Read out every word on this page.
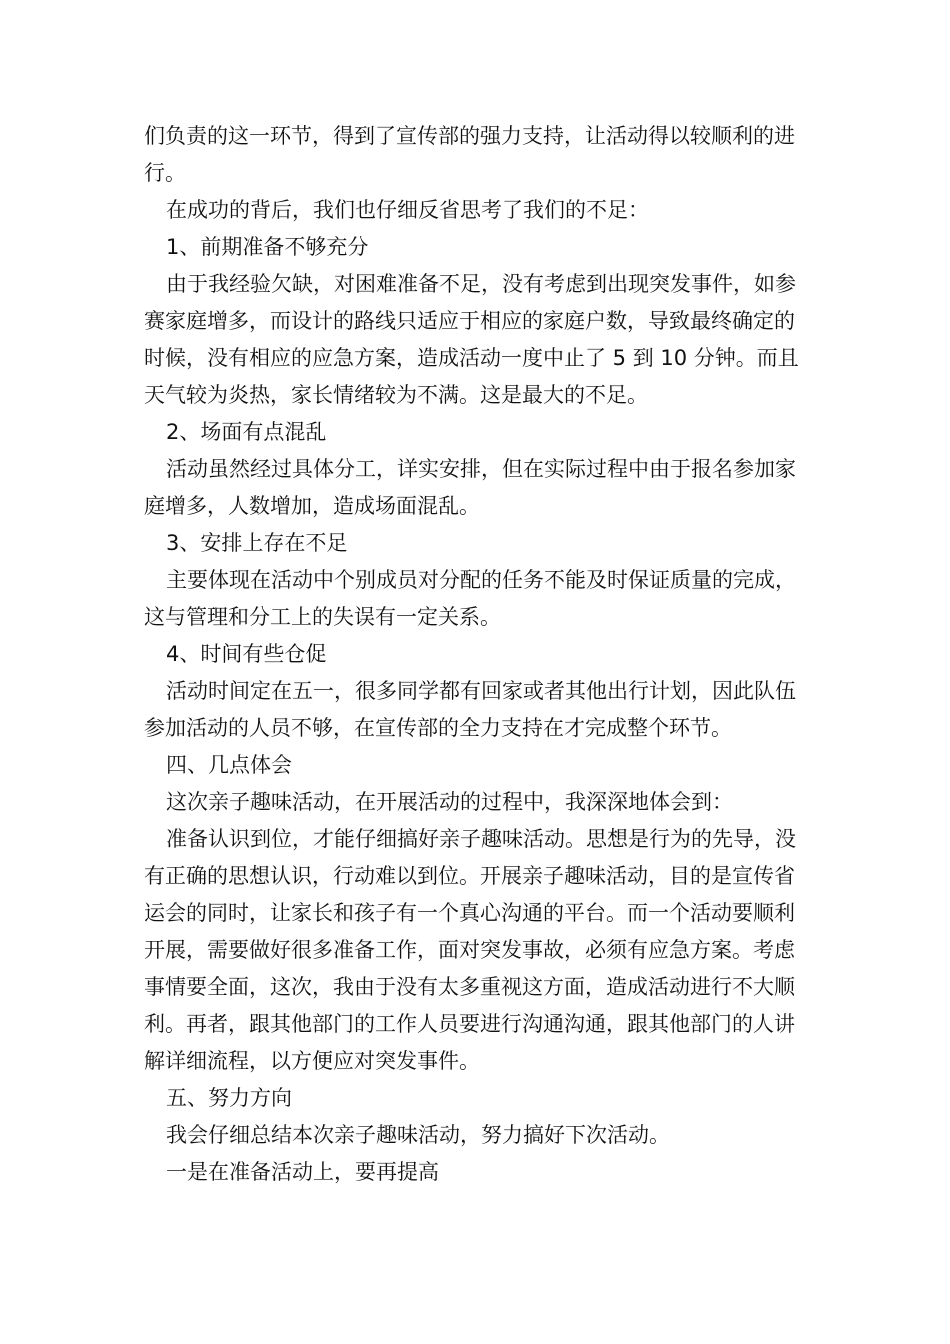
们负责的这一环节，得到了宣传部的强力支持，让活动得以较顺利的进行。

在成功的背后，我们也仔细反省思考了我们的不足：

1、前期准备不够充分

由于我经验欠缺，对困难准备不足，没有考虑到出现突发事件，如参赛家庭增多，而设计的路线只适应于相应的家庭户数，导致最终确定的时候，没有相应的应急方案，造成活动一度中止了 5 到 10 分钟。而且天气较为炎热，家长情绪较为不满。这是最大的不足。

2、场面有点混乱

活动虽然经过具体分工，详实安排，但在实际过程中由于报名参加家庭增多，人数增加，造成场面混乱。

3、安排上存在不足

主要体现在活动中个别成员对分配的任务不能及时保证质量的完成，这与管理和分工上的失误有一定关系。

4、时间有些仓促

活动时间定在五一，很多同学都有回家或者其他出行计划，因此队伍参加活动的人员不够，在宣传部的全力支持在才完成整个环节。

四、几点体会

这次亲子趣味活动，在开展活动的过程中，我深深地体会到：

准备认识到位，才能仔细搞好亲子趣味活动。思想是行为的先导，没有正确的思想认识，行动难以到位。开展亲子趣味活动，目的是宣传省运会的同时，让家长和孩子有一个真心沟通的平台。而一个活动要顺利开展，需要做好很多准备工作，面对突发事故，必须有应急方案。考虑事情要全面，这次，我由于没有太多重视这方面，造成活动进行不大顺利。再者，跟其他部门的工作人员要进行沟通沟通，跟其他部门的人讲解详细流程，以方便应对突发事件。

五、努力方向

我会仔细总结本次亲子趣味活动，努力搞好下次活动。

一是在准备活动上，要再提高
